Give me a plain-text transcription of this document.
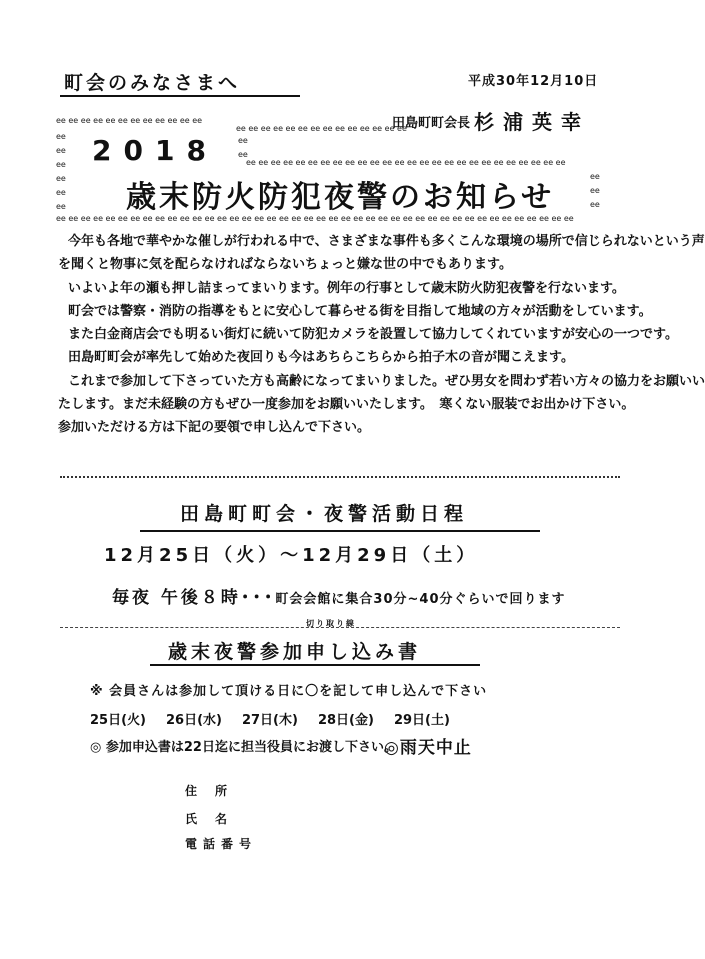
町会のみなさまへ	平成30年12月10日
田島町町会長 杉浦英幸
ee ee ee ee ee ee ee ee ee ee ee ee
ee ee ee ee ee ee ee ee ee ee ee ee ee ee
ee
ee
ee
ee
ee
ee
ee
ee
ee ee ee ee ee ee ee ee ee ee ee ee ee ee ee ee ee ee ee ee ee ee ee ee ee ee
ee
ee
ee
ee ee ee ee ee ee ee ee ee ee ee ee ee ee ee ee ee ee ee ee ee ee ee ee ee ee ee ee ee ee ee ee ee ee ee ee ee ee ee ee ee ee
2018
歳末防火防犯夜警のお知らせ

今年も各地で華やかな催しが行われる中で、さまざまな事件も多くこんな環境の場所で信じられないという声

を聞くと物事に気を配らなければならないちょっと嫌な世の中でもあります。

いよいよ年の瀬も押し詰まってまいります。例年の行事として歳末防火防犯夜警を行ないます。

町会では警察・消防の指導をもとに安心して暮らせる街を目指して地域の方々が活動をしています。

また白金商店会でも明るい街灯に続いて防犯カメラを設置して協力してくれていますが安心の一つです。

田島町町会が率先して始めた夜回りも今はあちらこちらから拍子木の音が聞こえます。

これまで参加して下さっていた方も高齢になってまいりました。ぜひ男女を問わず若い方々の協力をお願いい

たします。まだ未経験の方もぜひ一度参加をお願いいたします。　寒くない服装でお出かけ下さい。

参加いただける方は下記の要領で申し込んで下さい。

田島町町会・夜警活動日程
12月25日（火）～12月29日（土）
毎夜 午後８時･･･町会会館に集合30分~40分ぐらいで回ります
切り取り線
歳末夜警参加申し込み書
※ 会員さんは参加して頂ける日に〇を記して申し込んで下さい
25日(火) 26日(水) 27日(木) 28日(金) 29日(土)
◎ 参加申込書は22日迄に担当役員にお渡し下さい。
◎雨天中止
住所
氏名
電話番号
